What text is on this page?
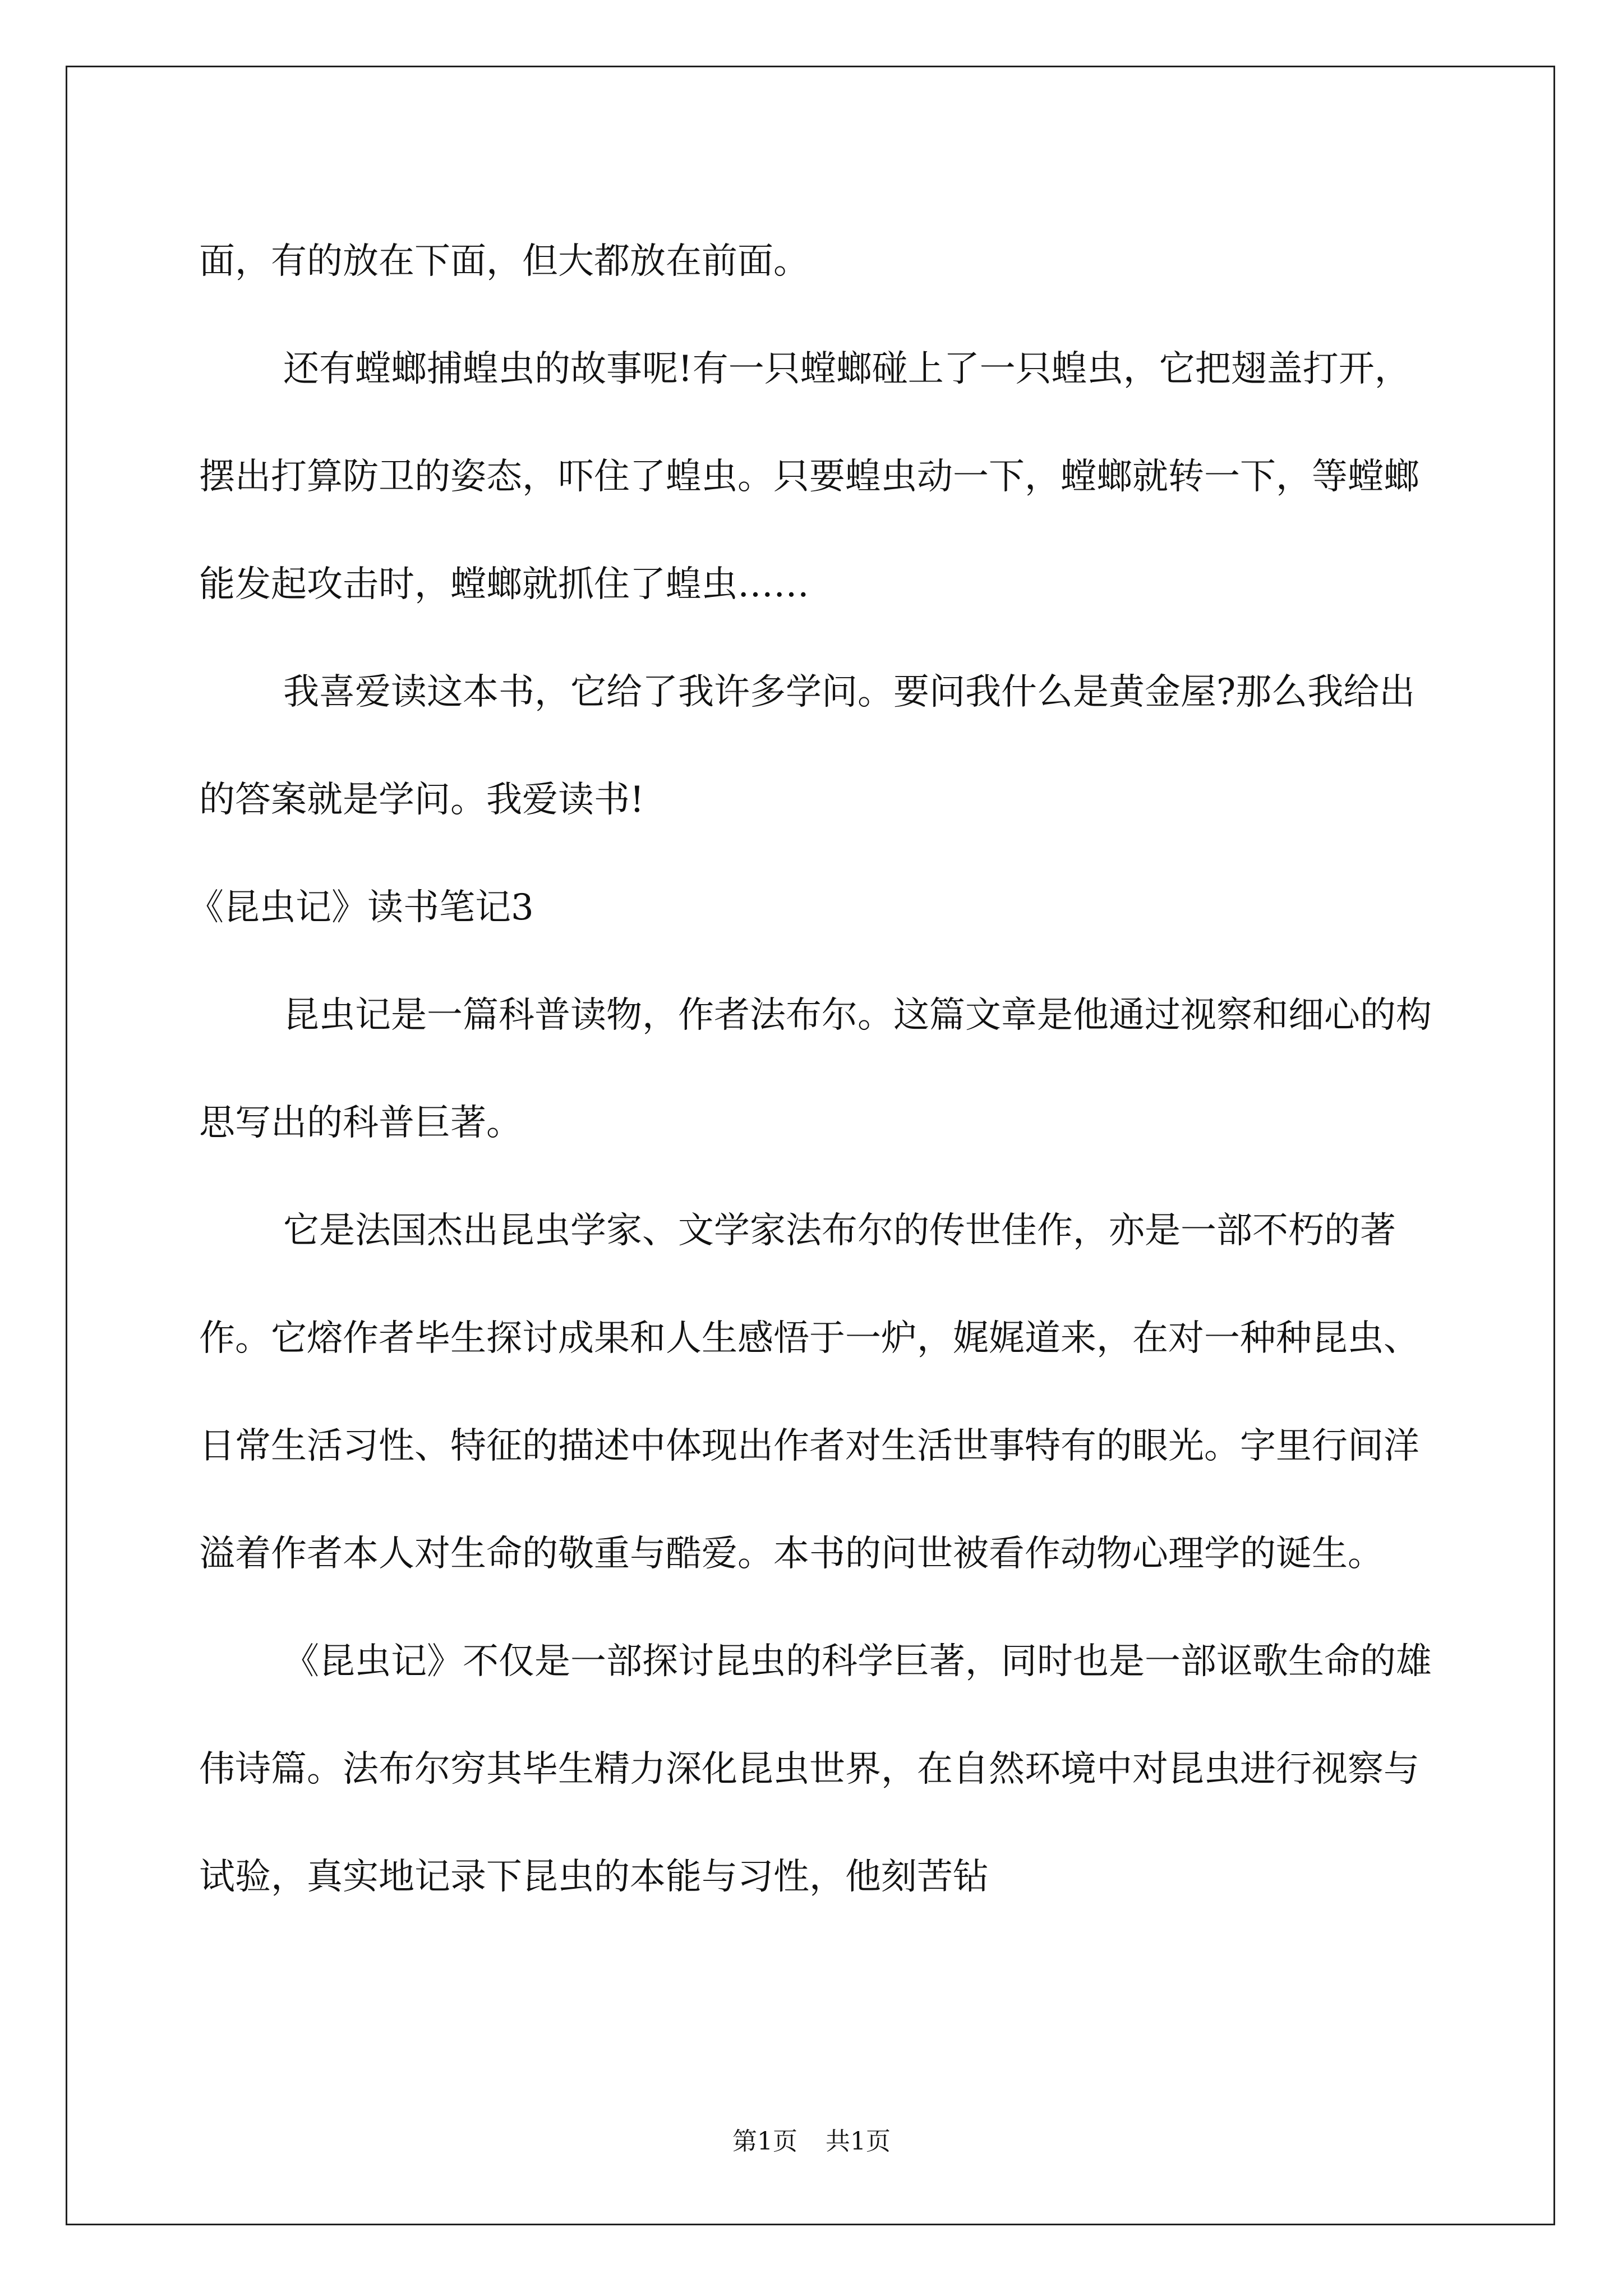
面，有的放在下面，但大都放在前面。

还有螳螂捕蝗虫的故事呢!有一只螳螂碰上了一只蝗虫，它把翅盖打开，摆出打算防卫的姿态，吓住了蝗虫。只要蝗虫动一下，螳螂就转一下，等螳螂能发起攻击时，螳螂就抓住了蝗虫……

我喜爱读这本书，它给了我许多学问。要问我什么是黄金屋?那么我给出的答案就是学问。我爱读书!

《昆虫记》读书笔记3

昆虫记是一篇科普读物，作者法布尔。这篇文章是他通过视察和细心的构思写出的科普巨著。

它是法国杰出昆虫学家、文学家法布尔的传世佳作，亦是一部不朽的著作。它熔作者毕生探讨成果和人生感悟于一炉，娓娓道来，在对一种种昆虫、日常生活习性、特征的描述中体现出作者对生活世事特有的眼光。字里行间洋溢着作者本人对生命的敬重与酷爱。本书的问世被看作动物心理学的诞生。

《昆虫记》不仅是一部探讨昆虫的科学巨著，同时也是一部讴歌生命的雄伟诗篇。法布尔穷其毕生精力深化昆虫世界，在自然环境中对昆虫进行视察与试验，真实地记录下昆虫的本能与习性，他刻苦钻

第1页 共1页
